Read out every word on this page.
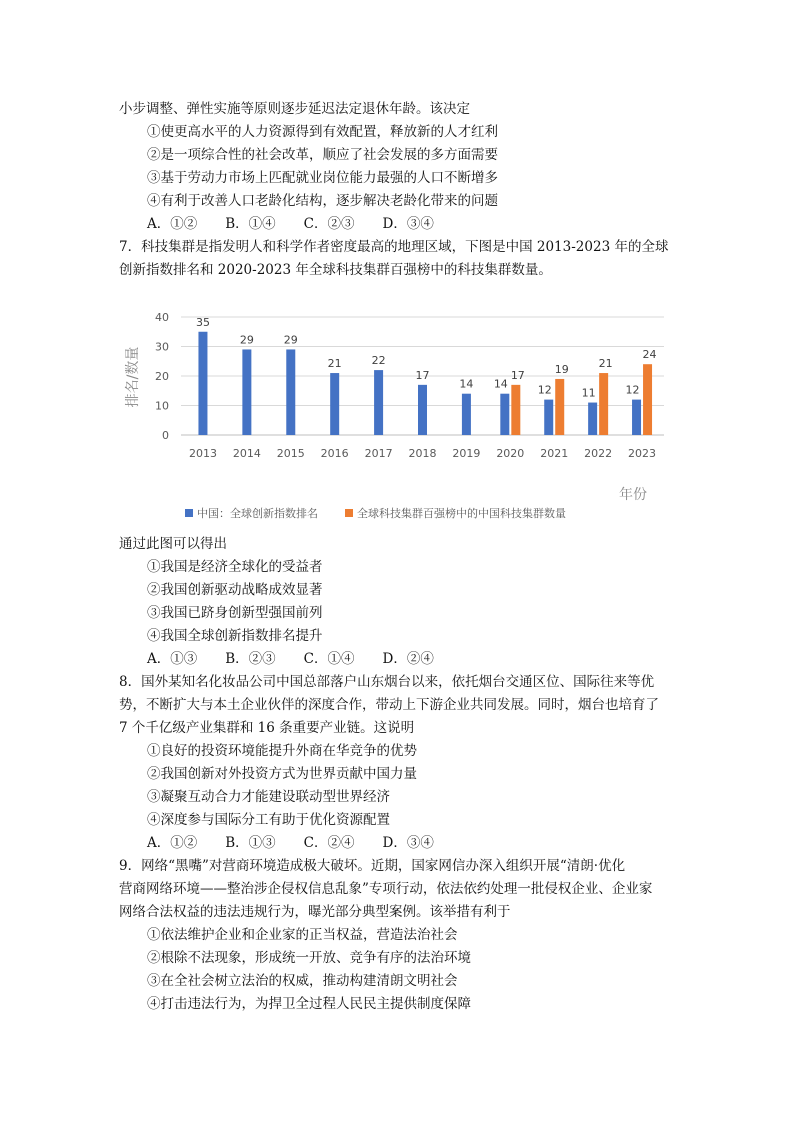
小步调整、弹性实施等原则逐步延迟法定退休年龄。该决定
①使更高水平的人力资源得到有效配置，释放新的人才红利
②是一项综合性的社会改革，顺应了社会发展的多方面需要
③基于劳动力市场上匹配就业岗位能力最强的人口不断增多
④有利于改善人口老龄化结构，逐步解决老龄化带来的问题
A．①② B．①④ C．②③ D．③④
7．科技集群是指发明人和科学作者密度最高的地理区域，下图是中国 2013-2023 年的全球
创新指数排名和 2020-2023 年全球科技集群百强榜中的科技集群数量。
0
10
20
30
40 35
29	29
21	22
17
14 14
17
12
19
11
21
12
24
2013 2014 2015 2016 2017 2018 2019 2020 2021 2022 2023
排名/数量
年份
中国：全球创新指数排名	全球科技集群百强榜中的中国科技集群数量
通过此图可以得出
①我国是经济全球化的受益者
②我国创新驱动战略成效显著
③我国已跻身创新型强国前列
④我国全球创新指数排名提升
A．①③ B．②③ C．①④ D．②④
8．国外某知名化妆品公司中国总部落户山东烟台以来，依托烟台交通区位、国际往来等优
势，不断扩大与本土企业伙伴的深度合作，带动上下游企业共同发展。同时，烟台也培育了
7 个千亿级产业集群和 16 条重要产业链。这说明
①良好的投资环境能提升外商在华竞争的优势
②我国创新对外投资方式为世界贡献中国力量
③凝聚互动合力才能建设联动型世界经济
④深度参与国际分工有助于优化资源配置
A．①② B．①③ C．②④ D．③④
9．网络“黑嘴”对营商环境造成极大破坏。近期，国家网信办深入组织开展“清朗·优化
营商网络环境——整治涉企侵权信息乱象”专项行动，依法依约处理一批侵权企业、企业家
网络合法权益的违法违规行为，曝光部分典型案例。该举措有利于
①依法维护企业和企业家的正当权益，营造法治社会
②根除不法现象，形成统一开放、竞争有序的法治环境
③在全社会树立法治的权威，推动构建清朗文明社会
④打击违法行为，为捍卫全过程人民民主提供制度保障
